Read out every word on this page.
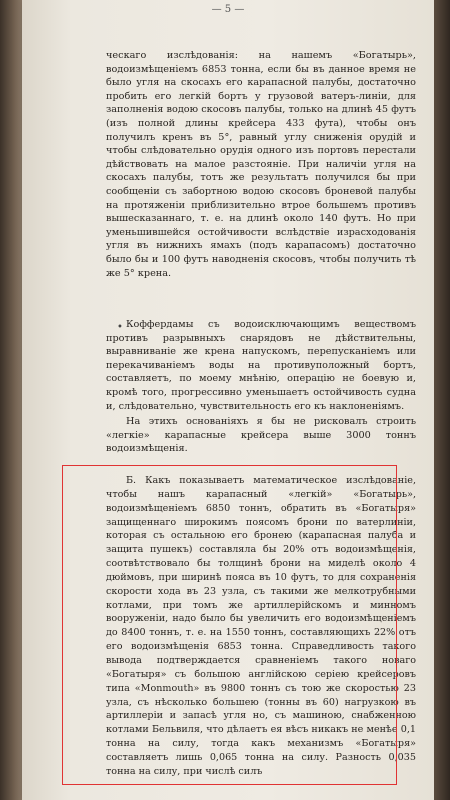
— 5 —

ческаго изслѣдованія: на нашемъ «Богатырь», водоизмѣщеніемъ 6853 тонна, если бы въ данное время не было угля на скосахъ его карапасной палубы, достаточно пробить его легкій бортъ у грузовой ватеръ-линіи, для заполненія водою скосовъ палубы, только на длинѣ 45 футъ (изъ полной длины крейсера 433 фута), чтобы онъ получилъ кренъ въ 5°, равный углу сниженія орудій и чтобы слѣдовательно орудія одного изъ портовъ перестали дѣйствовать на малое разстояніе. При наличіи угля на скосахъ палубы, тотъ же результатъ получился бы при сообщеніи съ забортною водою скосовъ броневой палубы на протяженіи приблизительно втрое большемъ противъ вышесказаннаго, т. е. на длинѣ около 140 футъ. Но при уменьшившейся остойчивости вслѣдствіе израсходованія угля въ нижнихъ ямахъ (подъ карапасомъ) достаточно было бы и 100 футъ наводненія скосовъ, чтобы получить тѣ же 5° крена.

• Коффердамы съ водоисключающимъ веществомъ противъ разрывныхъ снарядовъ не дѣйствительны, выравниваніе же крена напускомъ, перепусканіемъ или перекачиваніемъ воды на противуположный бортъ, составляетъ, по моему мнѣнію, операцію не боевую и, кромѣ того, прогрессивно уменьшаетъ остойчивость судна и, слѣдовательно, чувствительность его къ наклоненіямъ.

На этихъ основаніяхъ я бы не рисковалъ строить «легкіе» карапасные крейсера выше 3000 тоннъ водоизмѣщенія.

Б. Какъ показываетъ математическое изслѣдованіе, чтобы нашъ карапасный «легкій» «Богатырь», водоизмѣщеніемъ 6850 тоннъ, обратить въ «Богатыря» защищеннаго широкимъ поясомъ брони по ватерлиніи, которая съ остальною его бронею (карапасная палуба и защита пушекъ) составляла бы 20% отъ водоизмѣщенія, соотвѣтствовало бы толщинѣ брони на миделѣ около 4 дюймовъ, при ширинѣ пояса въ 10 футъ, то для сохраненія скорости хода въ 23 узла, съ такими же мелкотрубными котлами, при томъ же артиллерійскомъ и минномъ вооруженіи, надо было бы увеличить его водоизмѣщеніемъ до 8400 тоннъ, т. е. на 1550 тоннъ, составляющихъ 22% отъ его водоизмѣщенія 6853 тонна. Справедливость такого вывода подтверждается сравненіемъ такого новаго «Богатыря» съ большою англійскою серіею крейсеровъ типа «Monmouth» въ 9800 тоннъ съ тою же скоростью 23 узла, съ нѣсколько большею (тонны въ 60) нагрузкою въ артиллеріи и запасѣ угля но, съ машиною, снабженною котлами Бельвиля, что дѣлаетъ ея вѣсъ никакъ не менѣе 0,1 тонна на силу, тогда какъ механизмъ «Богатыря» составляетъ лишь 0,065 тонна на силу. Разность 0,035 тонна на силу, при числѣ силъ
